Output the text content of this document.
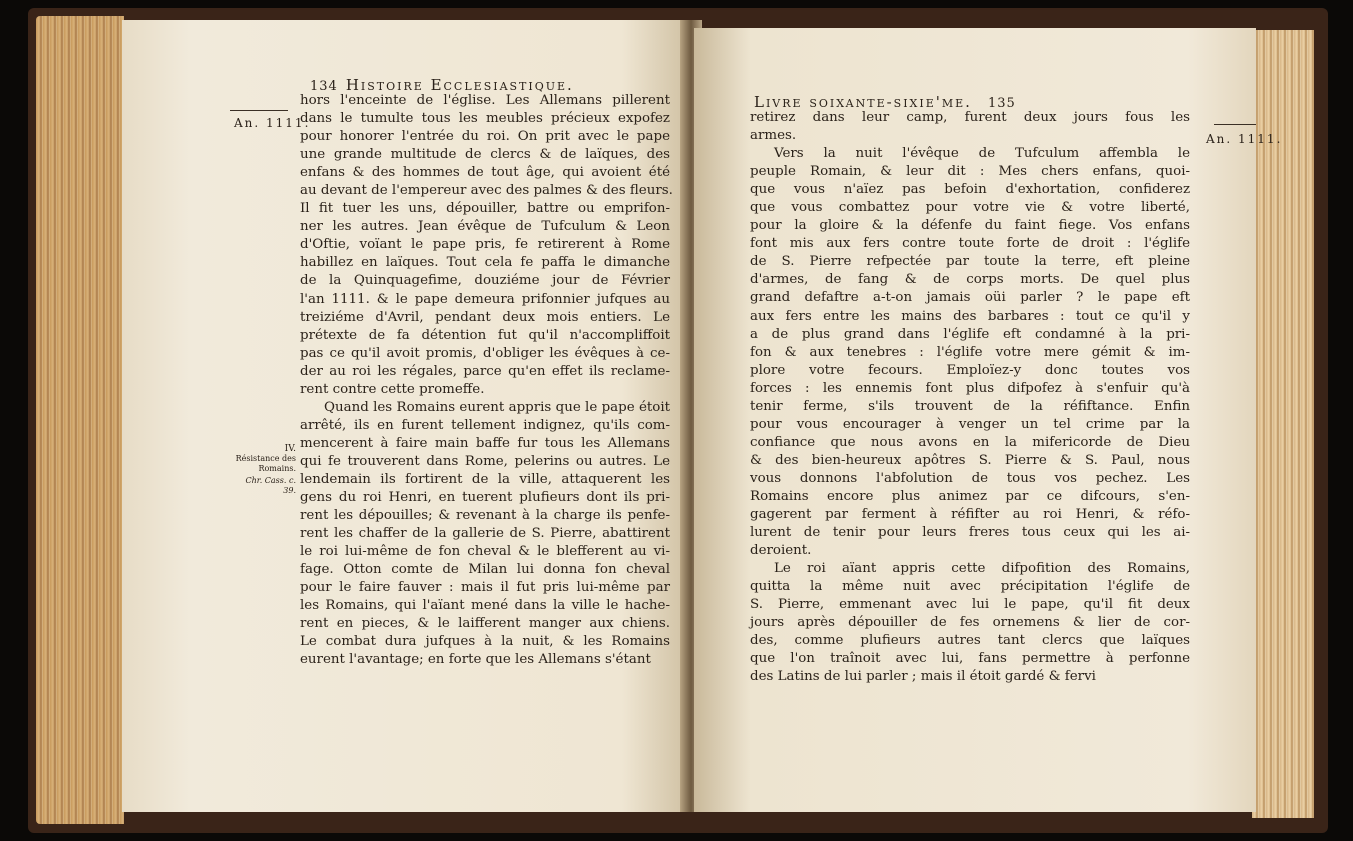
134 Histoire Ecclesiastique.
An. 1111.
IV.
Résistance des
Romains.
Chr. Cass. c. 39.
hors l'enceinte de l'église. Les Allemans pillerent
dans le tumulte tous les meubles précieux expofez
pour honorer l'entrée du roi. On prit avec le pape
une grande multitude de clercs & de laïques, des
enfans & des hommes de tout âge, qui avoient été
au devant de l'empereur avec des palmes & des fleurs.
Il fit tuer les uns, dépouiller, battre ou emprifon-
ner les autres. Jean évêque de Tufculum & Leon
d'Oftie, voïant le pape pris, fe retirerent à Rome
habillez en laïques. Tout cela fe paffa le dimanche
de la Quinquagefime, douziéme jour de Février
l'an 1111. & le pape demeura prifonnier jufques au
treiziéme d'Avril, pendant deux mois entiers. Le
prétexte de fa détention fut qu'il n'accompliffoit
pas ce qu'il avoit promis, d'obliger les évêques à ce-
der au roi les régales, parce qu'en effet ils reclame-
rent contre cette promeffe.
Quand les Romains eurent appris que le pape étoit
arrêté, ils en furent tellement indignez, qu'ils com-
mencerent à faire main baffe fur tous les Allemans
qui fe trouverent dans Rome, pelerins ou autres. Le
lendemain ils fortirent de la ville, attaquerent les
gens du roi Henri, en tuerent plufieurs dont ils pri-
rent les dépouilles; & revenant à la charge ils penfe-
rent les chaffer de la gallerie de S. Pierre, abattirent
le roi lui-même de fon cheval & le blefferent au vi-
fage. Otton comte de Milan lui donna fon cheval
pour le faire fauver : mais il fut pris lui-même par
les Romains, qui l'aïant mené dans la ville le hache-
rent en pieces, & le laifferent manger aux chiens.
Le combat dura jufques à la nuit, & les Romains
eurent l'avantage; en forte que les Allemans s'étant
Livre soixante-sixie'me. 135
An. 1111.
retirez dans leur camp, furent deux jours fous les
armes.
Vers la nuit l'évêque de Tufculum affembla le
peuple Romain, & leur dit : Mes chers enfans, quoi-
que vous n'aïez pas befoin d'exhortation, confiderez
que vous combattez pour votre vie & votre liberté,
pour la gloire & la défenfe du faint fiege. Vos enfans
font mis aux fers contre toute forte de droit : l'églife
de S. Pierre refpectée par toute la terre, eft pleine
d'armes, de fang & de corps morts. De quel plus
grand defaftre a-t-on jamais oüi parler ? le pape eft
aux fers entre les mains des barbares : tout ce qu'il y
a de plus grand dans l'églife eft condamné à la pri-
fon & aux tenebres : l'églife votre mere gémit & im-
plore votre fecours. Emploïez-y donc toutes vos
forces : les ennemis font plus difpofez à s'enfuir qu'à
tenir ferme, s'ils trouvent de la réfiftance. Enfin
pour vous encourager à venger un tel crime par la
confiance que nous avons en la mifericorde de Dieu
& des bien-heureux apôtres S. Pierre & S. Paul, nous
vous donnons l'abfolution de tous vos pechez. Les
Romains encore plus animez par ce difcours, s'en-
gagerent par ferment à réfifter au roi Henri, & réfo-
lurent de tenir pour leurs freres tous ceux qui les ai-
deroient.
Le roi aïant appris cette difpofition des Romains,
quitta la même nuit avec précipitation l'églife de
S. Pierre, emmenant avec lui le pape, qu'il fit deux
jours après dépouiller de fes ornemens & lier de cor-
des, comme plufieurs autres tant clercs que laïques
que l'on traînoit avec lui, fans permettre à perfonne
des Latins de lui parler ; mais il étoit gardé & fervi
